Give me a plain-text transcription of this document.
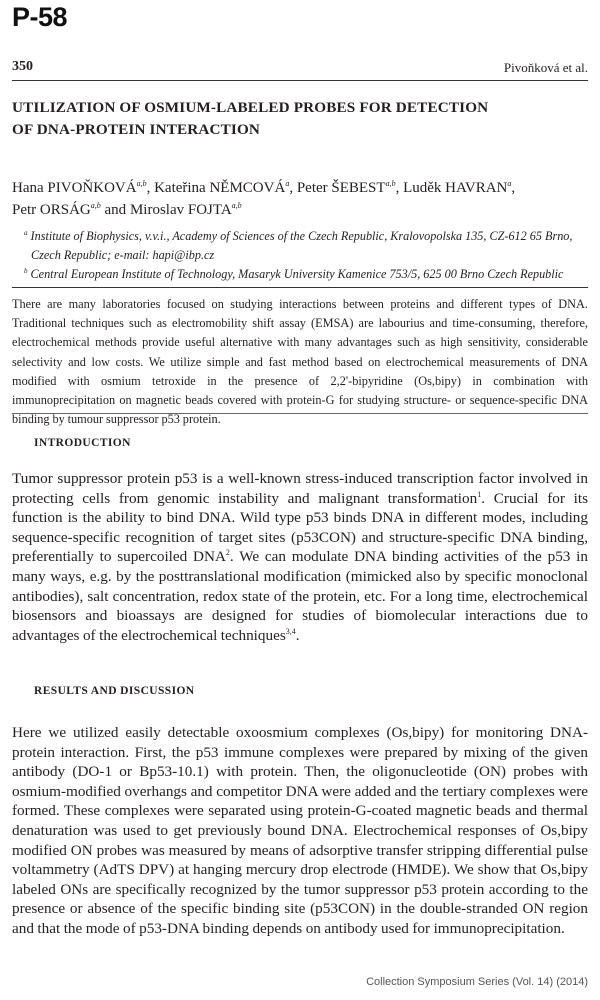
P-58
350	Pivoňková et al.
UTILIZATION OF OSMIUM-LABELED PROBES FOR DETECTION
OF DNA-PROTEIN INTERACTION
Hana PIVOŇKOVÁ$^{a,b}$, Kateřina NĚMCOVÁ$^a$, Peter ŠEBEST$^{a,b}$, Luděk HAVRAN$^a$,
Petr ORSÁG$^{a,b}$ and Miroslav FOJTA$^{a,b}$

$^a$ Institute of Biophysics, v.v.i., Academy of Sciences of the Czech Republic, Kralovopolska 135, CZ-612 65 Brno, Czech Republic; e-mail: hapi@ibp.cz

$^b$ Central European Institute of Technology, Masaryk University Kamenice 753/5, 625 00 Brno Czech Republic

There are many laboratories focused on studying interactions between proteins and different types of DNA. Traditional techniques such as electromobility shift assay (EMSA) are labourius and time-consuming, therefore, electrochemical methods provide useful alternative with many advantages such as high sensitivity, considerable selectivity and low costs. We utilize simple and fast method based on electrochemical measurements of DNA modified with osmium tetroxide in the presence of 2,2'-bipyridine (Os,bipy) in combination with immunoprecipitation on magnetic beads covered with protein-G for studying structure- or sequence-specific DNA binding by tumour suppressor p53 protein.
INTRODUCTION
Tumor suppressor protein p53 is a well-known stress-induced transcription factor involved in protecting cells from genomic instability and malignant transformation$^1$. Crucial for its function is the ability to bind DNA. Wild type p53 binds DNA in different modes, including sequence-specific recognition of target sites (p53CON) and structure-specific DNA binding, preferentially to supercoiled DNA$^2$. We can modulate DNA binding activities of the p53 in many ways, e.g. by the posttranslational modification (mimicked also by specific monoclonal antibodies), salt concentration, redox state of the protein, etc. For a long time, electrochemical biosensors and bioassays are designed for studies of biomolecular interactions due to advantages of the electrochemical techniques$^{3,4}$.
RESULTS AND DISCUSSION
Here we utilized easily detectable oxoosmium complexes (Os,bipy) for monitoring DNA-protein interaction. First, the p53 immune complexes were prepared by mixing of the given antibody (DO-1 or Bp53-10.1) with protein. Then, the oligonucleotide (ON) probes with osmium-modified overhangs and competitor DNA were added and the tertiary complexes were formed. These complexes were separated using protein-G-coated magnetic beads and thermal denaturation was used to get previously bound DNA. Electrochemical responses of Os,bipy modified ON probes was measured by means of adsorptive transfer stripping differential pulse voltammetry (AdTS DPV) at hanging mercury drop electrode (HMDE). We show that Os,bipy labeled ONs are specifically recognized by the tumor suppressor p53 protein according to the presence or absence of the specific binding site (p53CON) in the double-stranded ON region and that the mode of p53-DNA binding depends on antibody used for immunoprecipitation.
Collection Symposium Series (Vol. 14) (2014)
